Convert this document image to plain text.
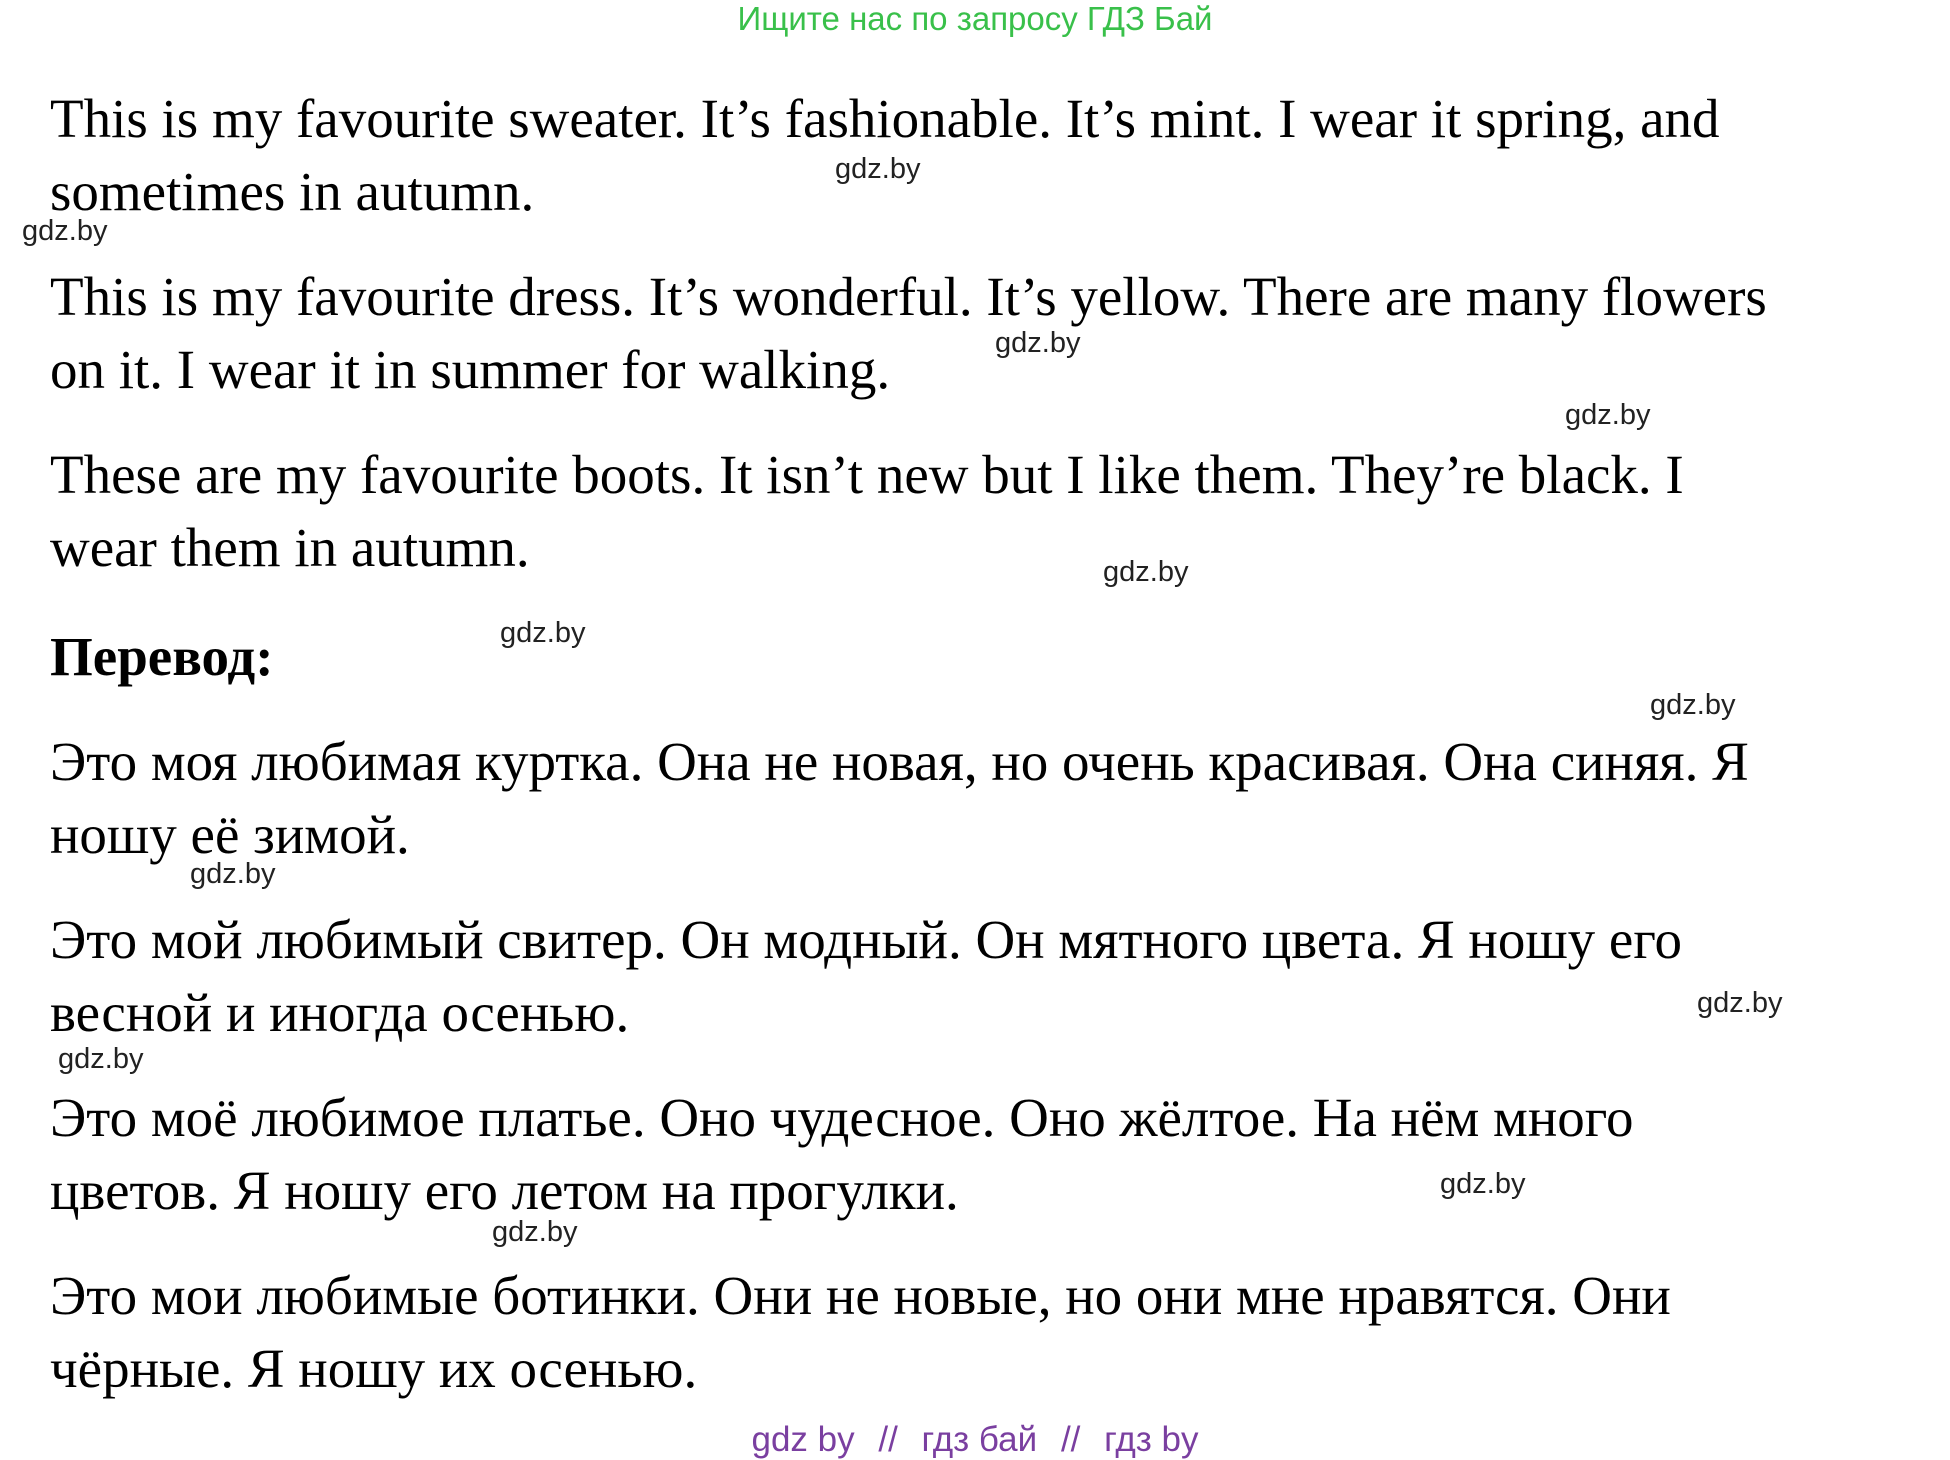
Ищите нас по запросу ГДЗ Бай

This is my favourite sweater. It’s fashionable. It’s mint. I wear it spring, and
sometimes in autumn.

This is my favourite dress. It’s wonderful. It’s yellow. There are many flowers
on it. I wear it in summer for walking.

These are my favourite boots. It isn’t new but I like them. They’re black. I
wear them in autumn.

Перевод:

Это моя любимая куртка. Она не новая, но очень красивая. Она синяя. Я
ношу её зимой.

Это мой любимый свитер. Он модный. Он мятного цвета. Я ношу его
весной и иногда осенью.

Это моё любимое платье. Оно чудесное. Оно жёлтое. На нём много
цветов. Я ношу его летом на прогулки.

Это мои любимые ботинки. Они не новые, но они мне нравятся. Они
чёрные. Я ношу их осенью.

gdz.by
gdz.by
gdz.by
gdz.by
gdz.by
gdz.by
gdz.by
gdz.by
gdz.by
gdz.by
gdz.by
gdz.by
gdz by // гдз бай // гдз by
